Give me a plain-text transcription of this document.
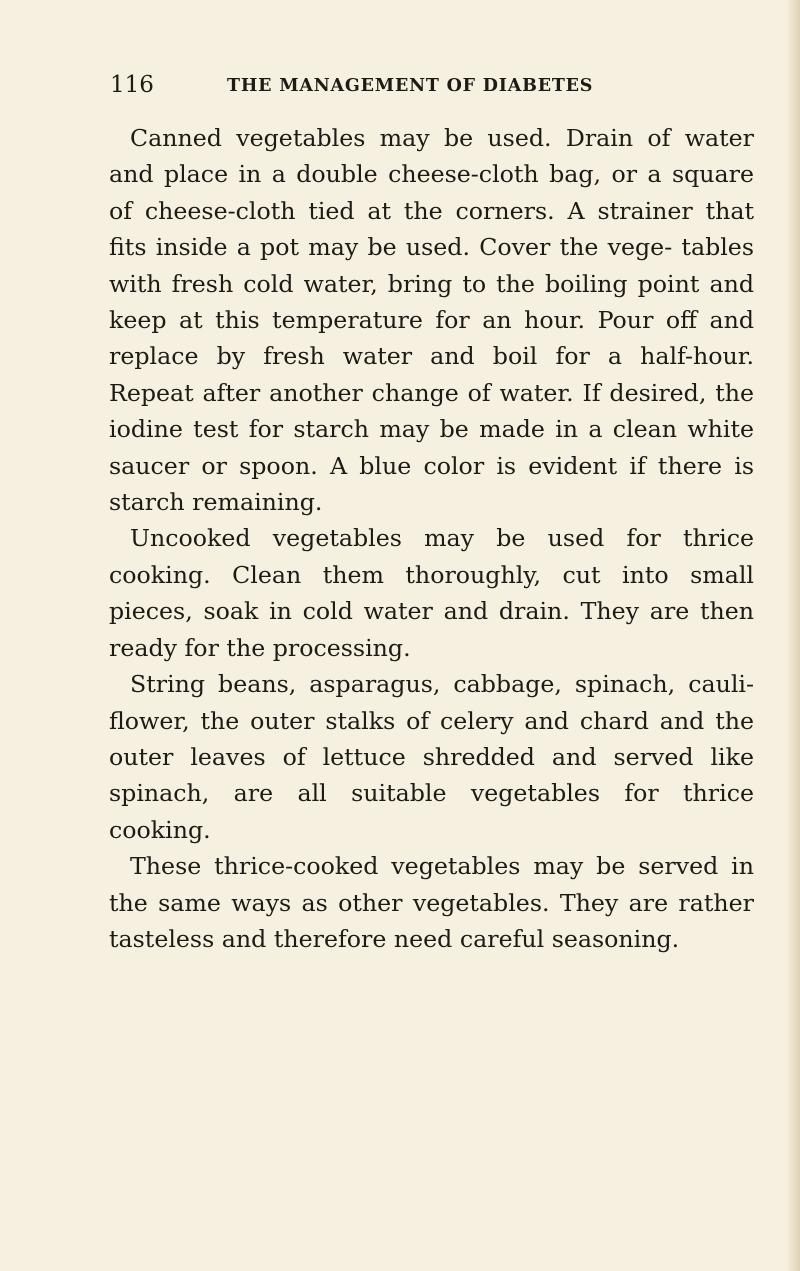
116	THE MANAGEMENT OF DIABETES

Canned vegetables may be used. Drain of water and place in a double cheese-cloth bag, or a square of cheese-cloth tied at the corners. A strainer that fits inside a pot may be used. Cover the vege- tables with fresh cold water, bring to the boiling point and keep at this temperature for an hour. Pour off and replace by fresh water and boil for a half-hour. Repeat after another change of water. If desired, the iodine test for starch may be made in a clean white saucer or spoon. A blue color is evident if there is starch remaining.

Uncooked vegetables may be used for thrice cooking. Clean them thoroughly, cut into small pieces, soak in cold water and drain. They are then ready for the processing.

String beans, asparagus, cabbage, spinach, cauli- flower, the outer stalks of celery and chard and the outer leaves of lettuce shredded and served like spinach, are all suitable vegetables for thrice cooking.

These thrice-cooked vegetables may be served in the same ways as other vegetables. They are rather tasteless and therefore need careful seasoning.
